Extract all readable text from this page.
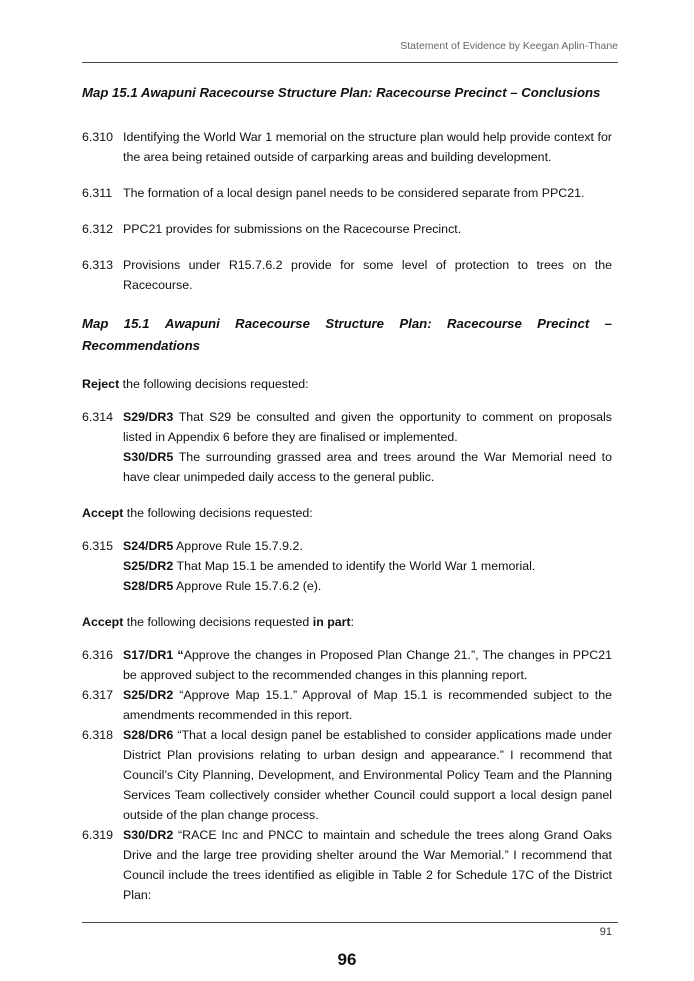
Statement of Evidence by Keegan Aplin-Thane
Map 15.1 Awapuni Racecourse Structure Plan: Racecourse Precinct – Conclusions
6.310 Identifying the World War 1 memorial on the structure plan would help provide context for the area being retained outside of carparking areas and building development.
6.311 The formation of a local design panel needs to be considered separate from PPC21.
6.312 PPC21 provides for submissions on the Racecourse Precinct.
6.313 Provisions under R15.7.6.2 provide for some level of protection to trees on the Racecourse.
Map 15.1 Awapuni Racecourse Structure Plan: Racecourse Precinct –
Recommendations
Reject the following decisions requested:
6.314 S29/DR3 That S29 be consulted and given the opportunity to comment on proposals listed in Appendix 6 before they are finalised or implemented.

S30/DR5 The surrounding grassed area and trees around the War Memorial need to have clear unimpeded daily access to the general public.

Accept the following decisions requested:
6.315 S24/DR5 Approve Rule 15.7.9.2.

S25/DR2 That Map 15.1 be amended to identify the World War 1 memorial.

S28/DR5 Approve Rule 15.7.6.2 (e).

Accept the following decisions requested in part:
6.316 S17/DR1 “Approve the changes in Proposed Plan Change 21.”, The changes in PPC21 be approved subject to the recommended changes in this planning report.
6.317 S25/DR2 “Approve Map 15.1.” Approval of Map 15.1 is recommended subject to the amendments recommended in this report.
6.318 S28/DR6 “That a local design panel be established to consider applications made under District Plan provisions relating to urban design and appearance.” I recommend that Council’s City Planning, Development, and Environmental Policy Team and the Planning Services Team collectively consider whether Council could support a local design panel outside of the plan change process.
6.319 S30/DR2 “RACE Inc and PNCC to maintain and schedule the trees along Grand Oaks Drive and the large tree providing shelter around the War Memorial.” I recommend that Council include the trees identified as eligible in Table 2 for Schedule 17C of the District Plan:
91
96
